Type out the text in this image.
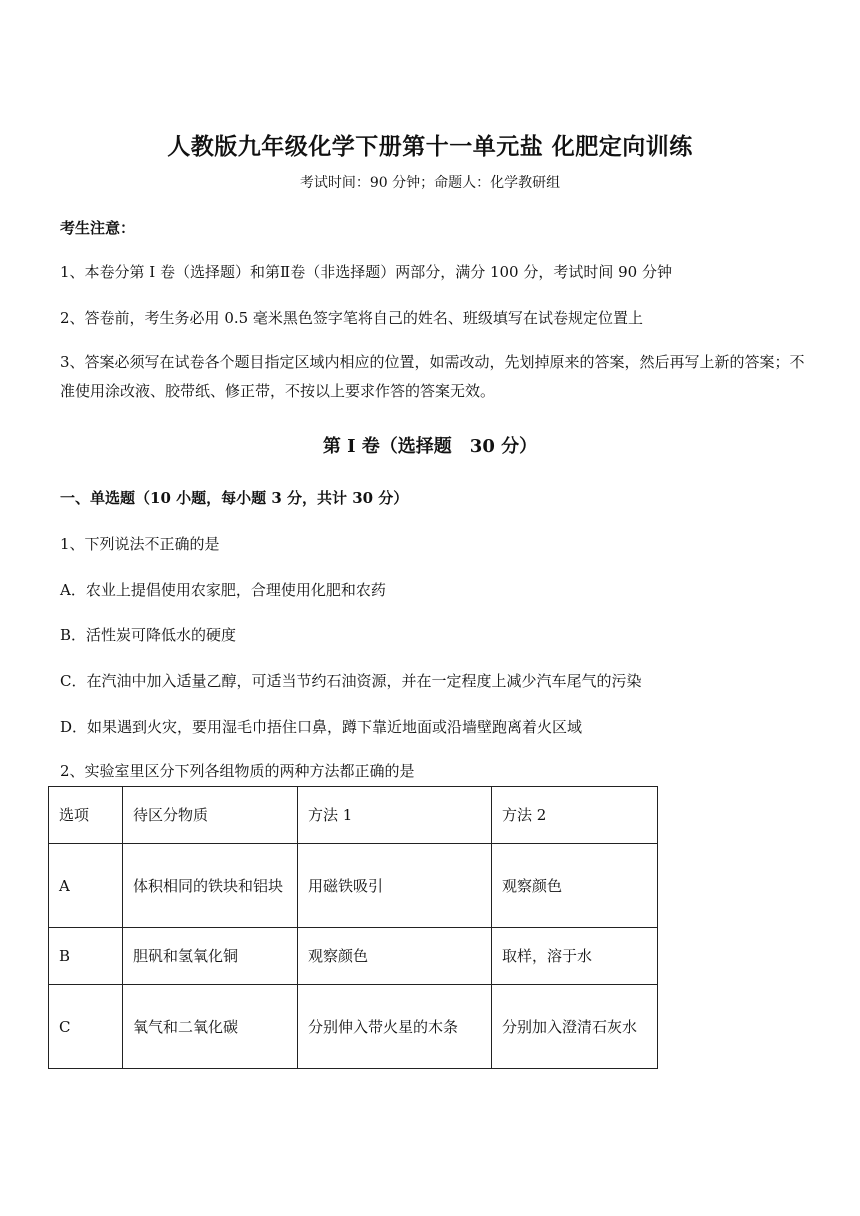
人教版九年级化学下册第十一单元盐 化肥定向训练
考试时间：90 分钟；命题人：化学教研组
考生注意：
1、本卷分第 I 卷（选择题）和第Ⅱ卷（非选择题）两部分，满分 100 分，考试时间 90 分钟
2、答卷前，考生务必用 0.5 毫米黑色签字笔将自己的姓名、班级填写在试卷规定位置上
3、答案必须写在试卷各个题目指定区域内相应的位置，如需改动，先划掉原来的答案，然后再写上新的答案；不准使用涂改液、胶带纸、修正带，不按以上要求作答的答案无效。
第 I 卷（选择题　30 分）
一、单选题（10 小题，每小题 3 分，共计 30 分）
1、下列说法不正确的是
A．农业上提倡使用农家肥，合理使用化肥和农药
B．活性炭可降低水的硬度
C．在汽油中加入适量乙醇，可适当节约石油资源，并在一定程度上减少汽车尾气的污染
D．如果遇到火灾，要用湿毛巾捂住口鼻，蹲下靠近地面或沿墙壁跑离着火区域
2、实验室里区分下列各组物质的两种方法都正确的是
选项	待区分物质	方法 1	方法 2
A	体积相同的铁块和铝块	用磁铁吸引	观察颜色
B	胆矾和氢氧化铜	观察颜色	取样，溶于水
C	氧气和二氧化碳	分别伸入带火星的木条	分别加入澄清石灰水
